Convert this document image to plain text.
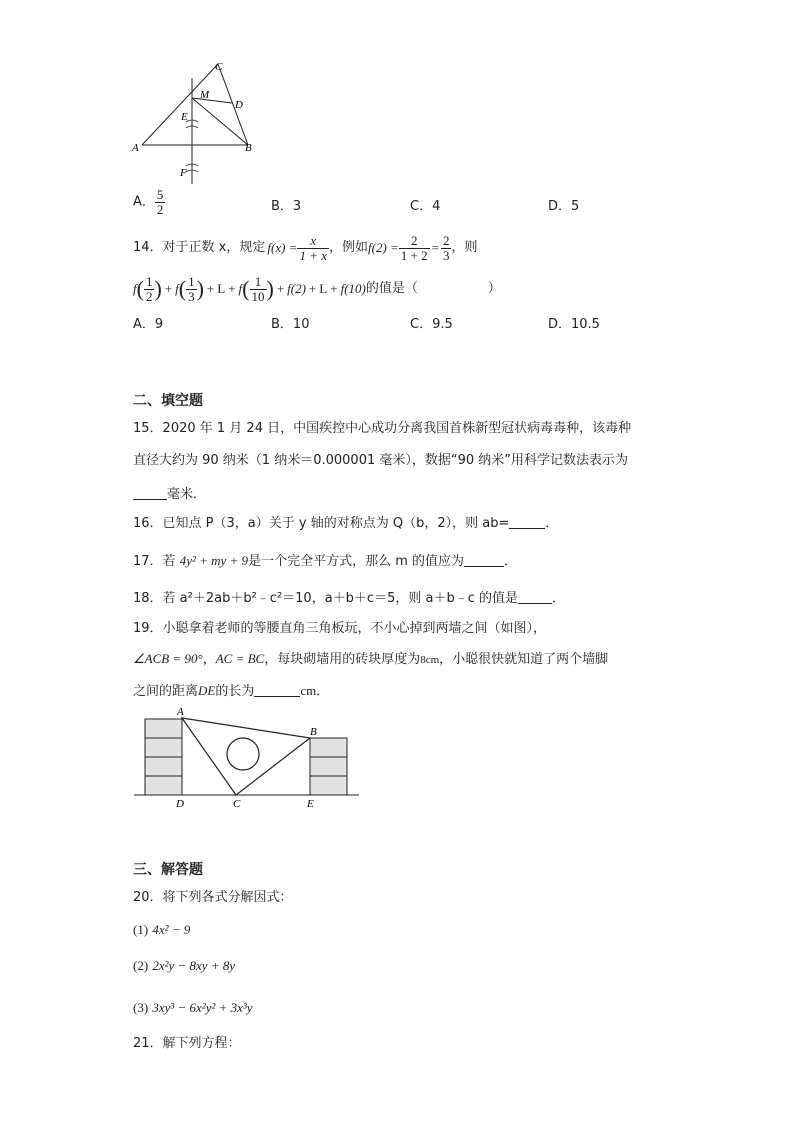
C
M
D
E
A	B
F
A． $\frac{5}{2}$	B．3	C．4	D．5
14．对于正数 x，规定 $f(x) = \frac{x}{1 + x}$ ，例如 $f(2) = \frac{2}{1 + 2} = \frac{2}{3}$ ，则
f ( $\frac{1}{2}$ ) + f ( $\frac{1}{3}$ ) + L + f ( $\frac{1}{10}$ ) + f(2) + L + f(10) 的值是（	）
A．9	B．10	C．9.5	D．10.5
二、填空题
15．2020 年 1 月 24 日，中国疾控中心成功分离我国首株新型冠状病毒毒种，该毒种
直径大约为 90 纳米（1 纳米＝0.000001 毫米），数据“90 纳米”用科学记数法表示为
毫米．
16．已知点 P（3，a）关于 y 轴的对称点为 Q（b，2），则 ab=	．
17．若 4y² + my + 9是一个完全平方式，那么 m 的值应为	．
18．若 a²＋2ab＋b²﹣c²＝10，a＋b＋c＝5，则 a＋b﹣c 的值是	．
19．小聪拿着老师的等腰直角三角板玩，不小心掉到两墙之间（如图），
∠ACB = 90°，AC = BC，每块砌墙用的砖块厚度为8cm，小聪很快就知道了两个墙脚
之间的距离DE的长为	cm．
A
B
D	C	E
三、解答题
20．将下列各式分解因式：
(1) 4x² − 9
(2) 2x²y − 8xy + 8y
(3) 3xy³ − 6x²y² + 3x³y
21．解下列方程：
